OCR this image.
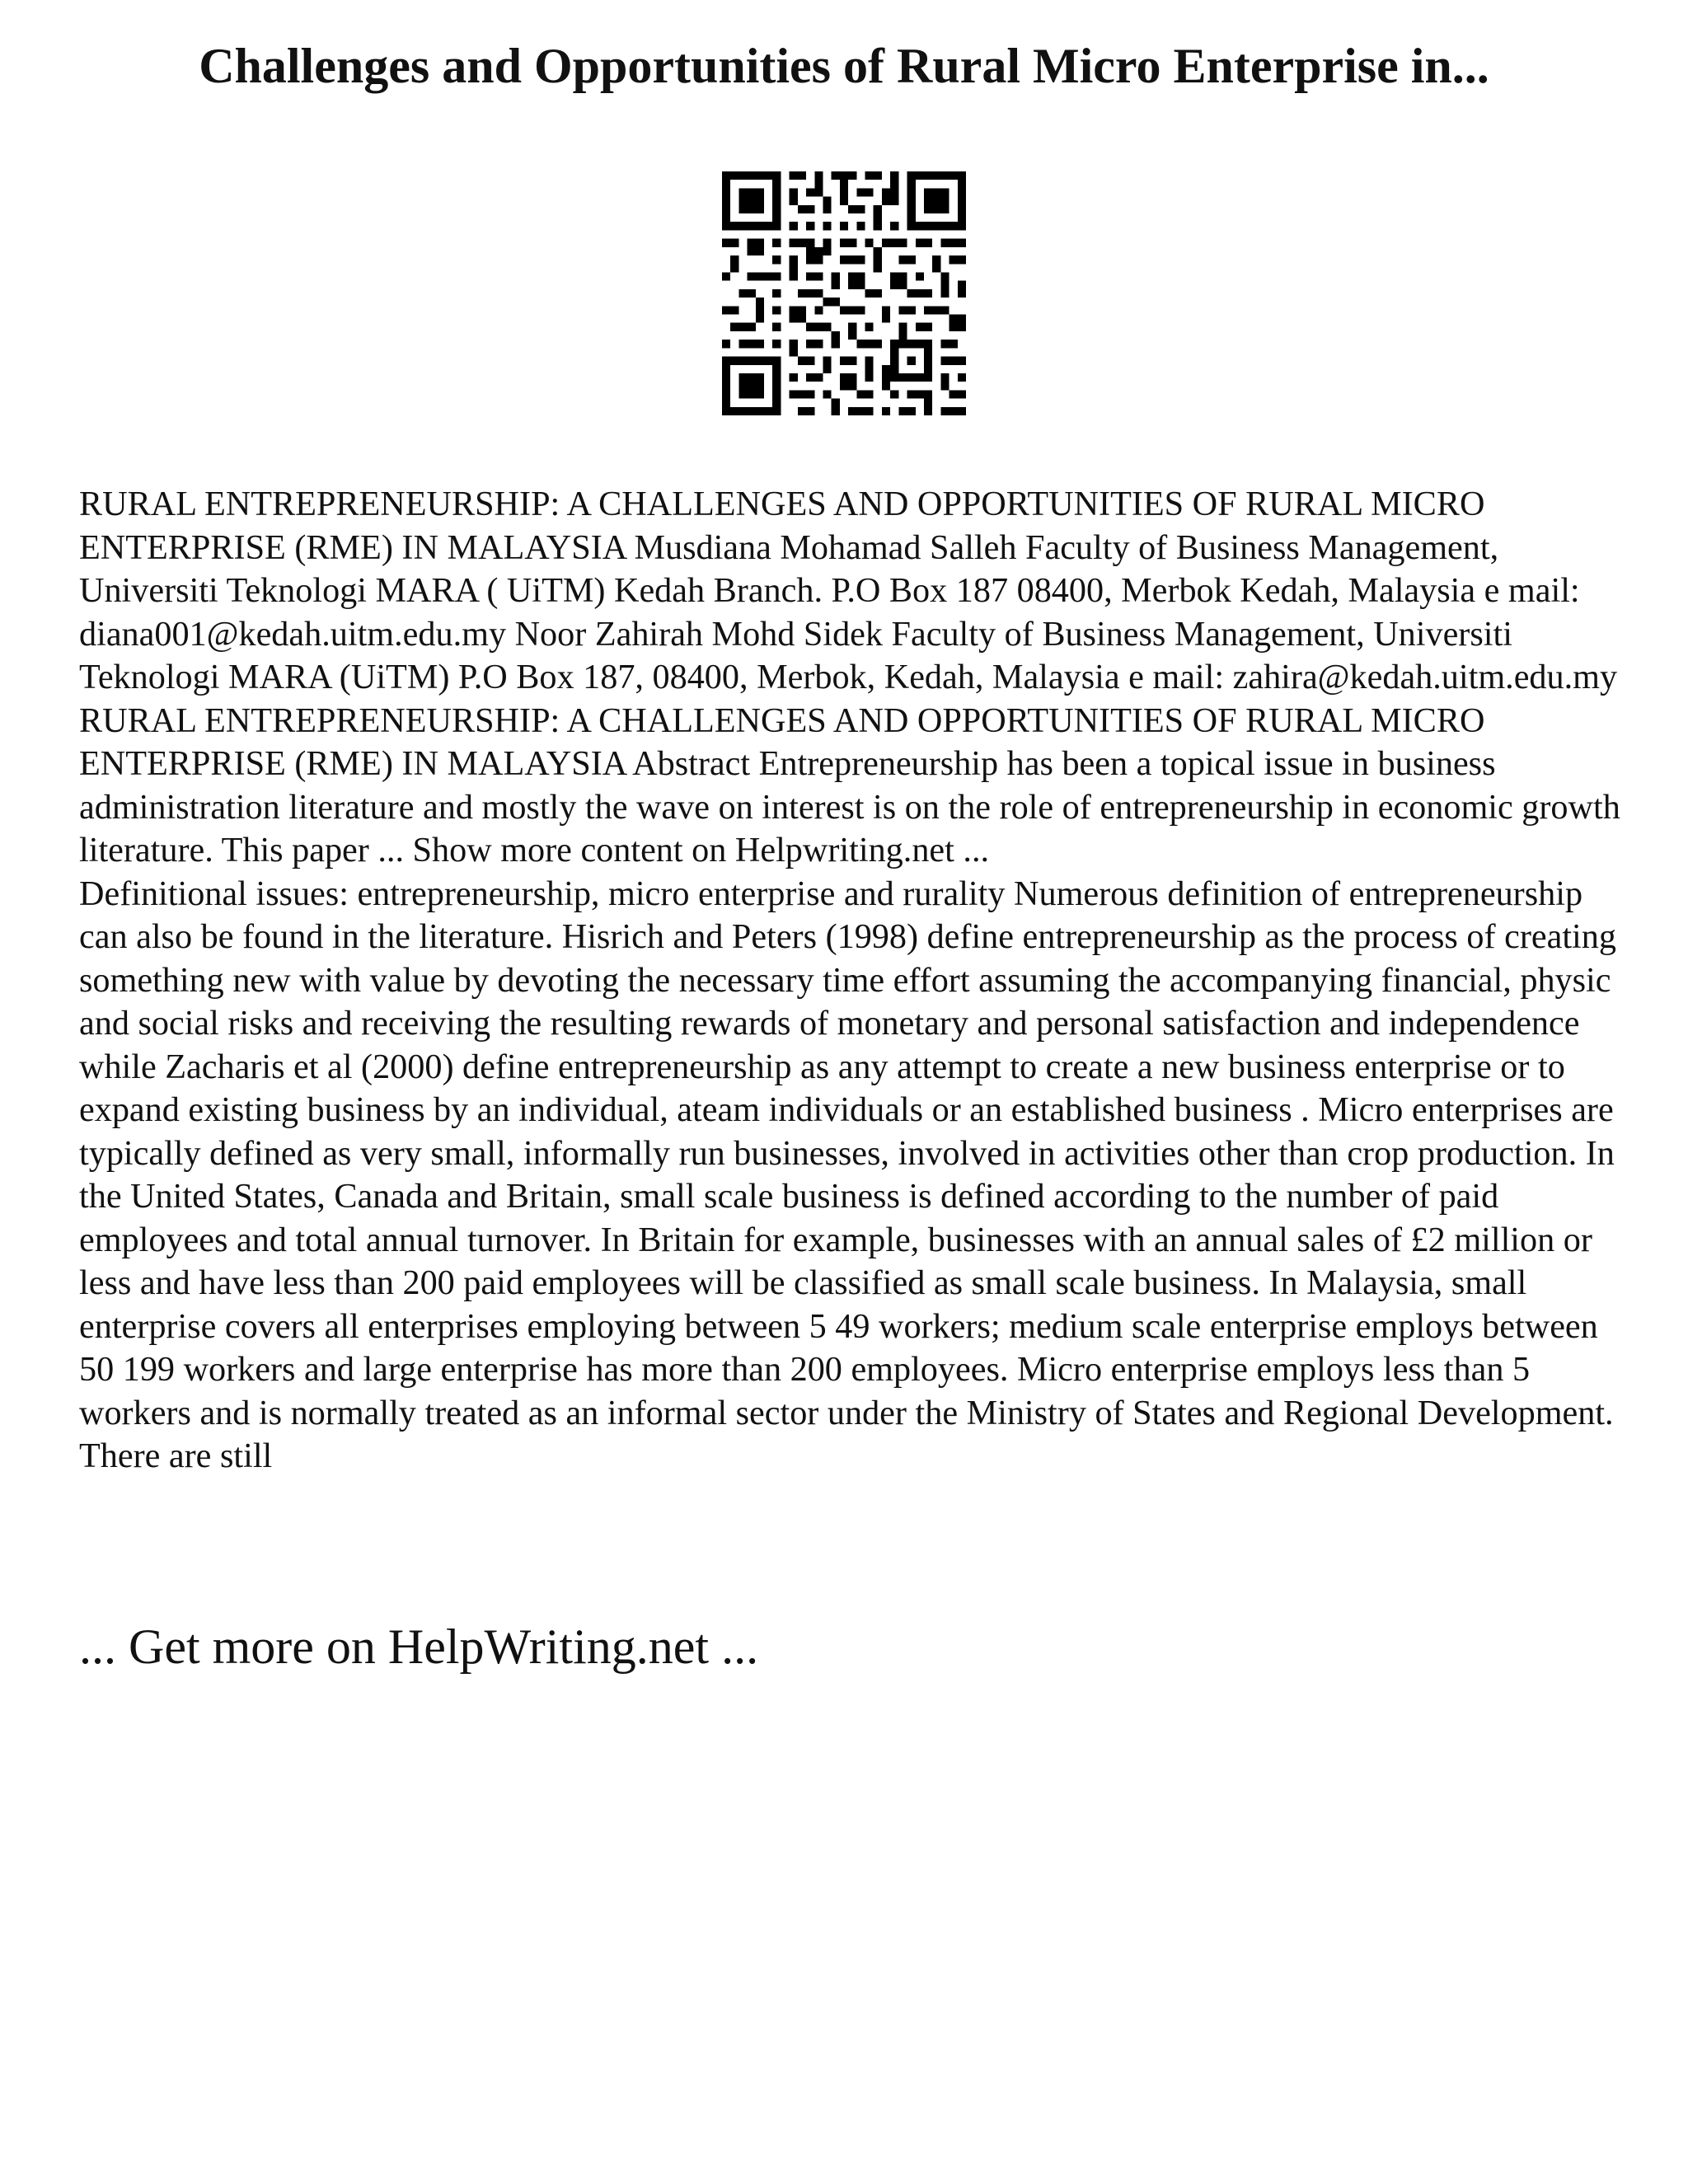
Challenges and Opportunities of Rural Micro Enterprise in...

RURAL ENTREPRENEURSHIP: A CHALLENGES AND OPPORTUNITIES OF RURAL MICRO ENTERPRISE (RME) IN MALAYSIA Musdiana Mohamad Salleh Faculty of Business Management, Universiti Teknologi MARA ( UiTM) Kedah Branch. P.O Box 187 08400, Merbok Kedah, Malaysia e mail: diana001@kedah.uitm.edu.my Noor Zahirah Mohd Sidek Faculty of Business Management, Universiti Teknologi MARA (UiTM) P.O Box 187, 08400, Merbok, Kedah, Malaysia e mail: zahira@kedah.uitm.edu.my RURAL ENTREPRENEURSHIP: A CHALLENGES AND OPPORTUNITIES OF RURAL MICRO ENTERPRISE (RME) IN MALAYSIA Abstract Entrepreneurship has been a topical issue in business administration literature and mostly the wave on interest is on the role of entrepreneurship in economic growth literature. This paper ... Show more content on Helpwriting.net ...

Definitional issues: entrepreneurship, micro enterprise and rurality Numerous definition of entrepreneurship can also be found in the literature. Hisrich and Peters (1998) define entrepreneurship as the process of creating something new with value by devoting the necessary time effort assuming the accompanying financial, physic and social risks and receiving the resulting rewards of monetary and personal satisfaction and independence while Zacharis et al (2000) define entrepreneurship as any attempt to create a new business enterprise or to expand existing business by an individual, ateam individuals or an established business . Micro enterprises are typically defined as very small, informally run businesses, involved in activities other than crop production. In the United States, Canada and Britain, small scale business is defined according to the number of paid employees and total annual turnover. In Britain for example, businesses with an annual sales of £2 million or less and have less than 200 paid employees will be classified as small scale business. In Malaysia, small enterprise covers all enterprises employing between 5 49 workers; medium scale enterprise employs between 50 199 workers and large enterprise has more than 200 employees. Micro enterprise employs less than 5 workers and is normally treated as an informal sector under the Ministry of States and Regional Development. There are still

... Get more on HelpWriting.net ...
